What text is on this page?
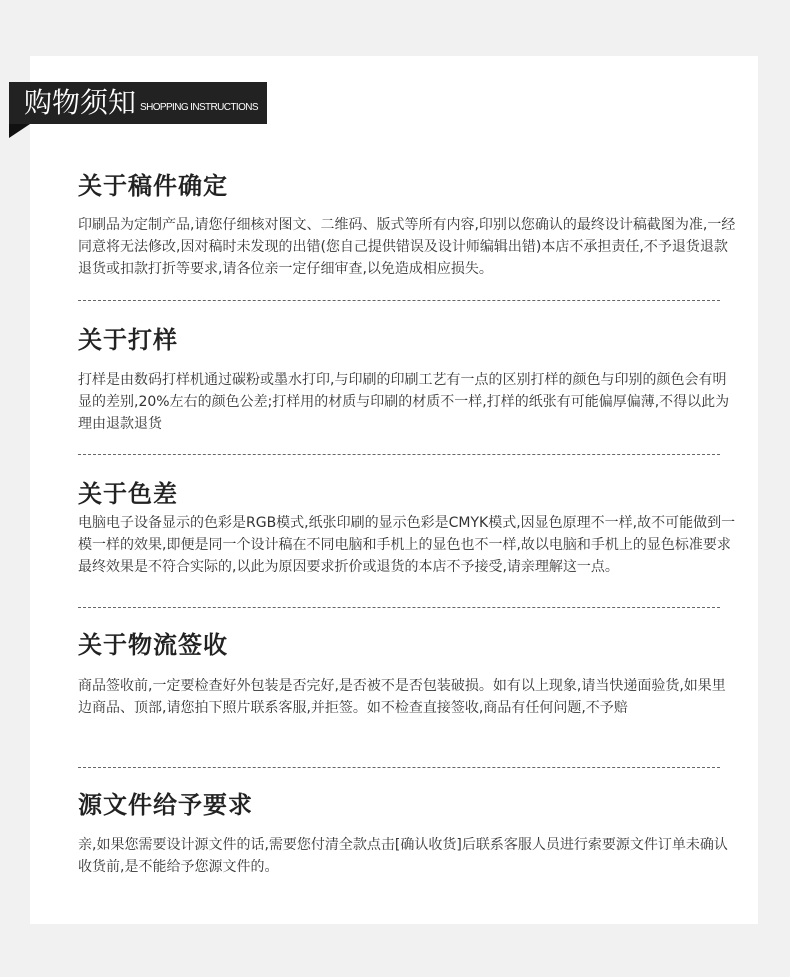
购物须知 SHOPPING INSTRUCTIONS
关于稿件确定

印刷品为定制产品,请您仔细核对图文、二维码、版式等所有内容,印别以您确认的最终设计稿截图为准,一经同意将无法修改,因对稿时未发现的出错(您自己提供错误及设计师编辑出错)本店不承担责任,不予退货退款退货或扣款打折等要求,请各位亲一定仔细审查,以免造成相应损失。

关于打样

打样是由数码打样机通过碳粉或墨水打印,与印刷的印刷工艺有一点的区别打样的颜色与印别的颜色会有明显的差别,20%左右的颜色公差;打样用的材质与印刷的材质不一样,打样的纸张有可能偏厚偏薄,不得以此为理由退款退货

关于色差

电脑电子设备显示的色彩是RGB模式,纸张印刷的显示色彩是CMYK模式,因显色原理不一样,故不可能做到一模一样的效果,即便是同一个设计稿在不同电脑和手机上的显色也不一样,故以电脑和手机上的显色标准要求最终效果是不符合实际的,以此为原因要求折价或退货的本店不予接受,请亲理解这一点。

关于物流签收

商品签收前,一定要检查好外包装是否完好,是否被不是否包装破损。如有以上现象,请当快递面验货,如果里边商品、顶部,请您拍下照片联系客服,并拒签。如不检查直接签收,商品有任何问题,不予赔

源文件给予要求

亲,如果您需要设计源文件的话,需要您付清全款点击[确认收货]后联系客服人员进行索要源文件订单未确认收货前,是不能给予您源文件的。
